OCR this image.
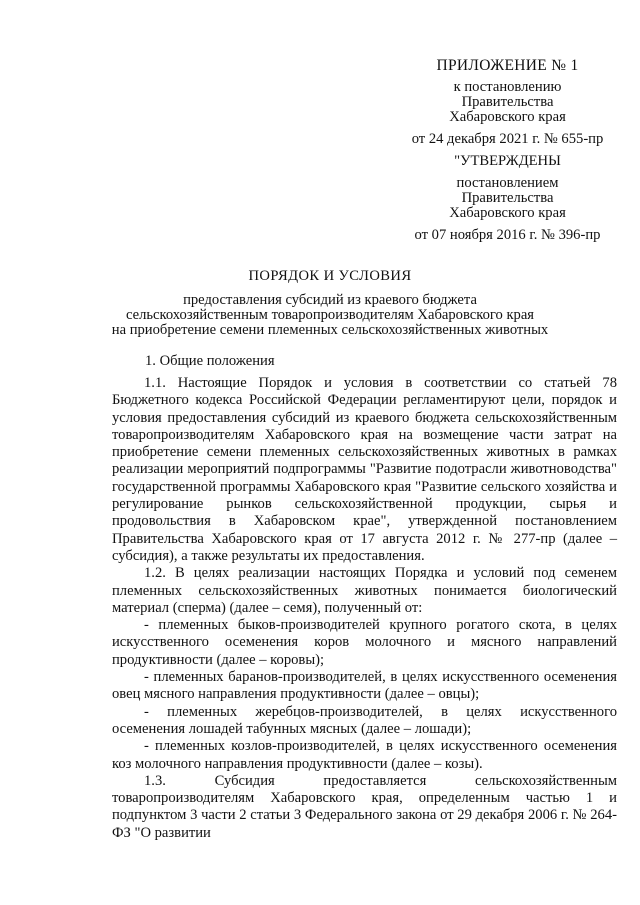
ПРИЛОЖЕНИЕ № 1
к постановлению
Правительства
Хабаровского края
от 24 декабря 2021 г. № 655-пр
"УТВЕРЖДЕНЫ
постановлением
Правительства
Хабаровского края
от 07 ноября 2016 г. № 396-пр
ПОРЯДОК И УСЛОВИЯ
предоставления субсидий из краевого бюджета
сельскохозяйственным товаропроизводителям Хабаровского края
на приобретение семени племенных сельскохозяйственных животных
1. Общие положения

1.1. Настоящие Порядок и условия в соответствии со статьей 78 Бюджетного кодекса Российской Федерации регламентируют цели, порядок и условия предоставления субсидий из краевого бюджета сельскохозяйственным товаропроизводителям Хабаровского края на возмещение части затрат на приобретение семени племенных сельскохозяйственных животных в рамках реализации мероприятий подпрограммы "Развитие подотрасли животноводства" государственной программы Хабаровского края "Развитие сельского хозяйства и регулирование рынков сельскохозяйственной продукции, сырья и продовольствия в Хабаровском крае", утвержденной постановлением Правительства Хабаровского края от 17 августа 2012 г. № 277-пр (далее – субсидия), а также результаты их предоставления.

1.2. В целях реализации настоящих Порядка и условий под семенем племенных сельскохозяйственных животных понимается биологический материал (сперма) (далее – семя), полученный от:

- племенных быков-производителей крупного рогатого скота, в целях искусственного осеменения коров молочного и мясного направлений продуктивности (далее – коровы);

- племенных баранов-производителей, в целях искусственного осеменения овец мясного направления продуктивности (далее – овцы);

- племенных жеребцов-производителей, в целях искусственного осеменения лошадей табунных мясных (далее – лошади);

- племенных козлов-производителей, в целях искусственного осеменения коз молочного направления продуктивности (далее – козы).

1.3. Субсидия предоставляется сельскохозяйственным товаропроизводителям Хабаровского края, определенным частью 1 и подпунктом 3 части 2 статьи 3 Федерального закона от 29 декабря 2006 г. № 264-ФЗ "О развитии
